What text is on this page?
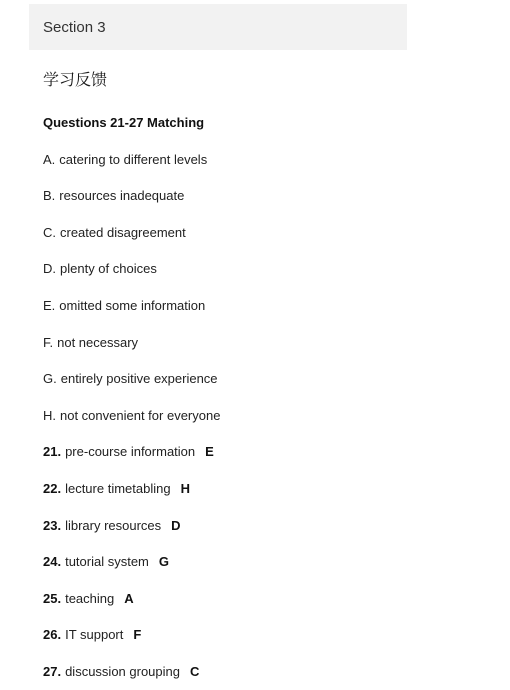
Section 3
学习反馈
Questions 21-27 Matching
A. catering to different levels
B. resources inadequate
C. created disagreement
D. plenty of choices
E. omitted some information
F. not necessary
G. entirely positive experience
H. not convenient for everyone
21. pre-course information E
22. lecture timetabling H
23. library resources D
24. tutorial system G
25. teaching A
26. IT support F
27. discussion grouping C
